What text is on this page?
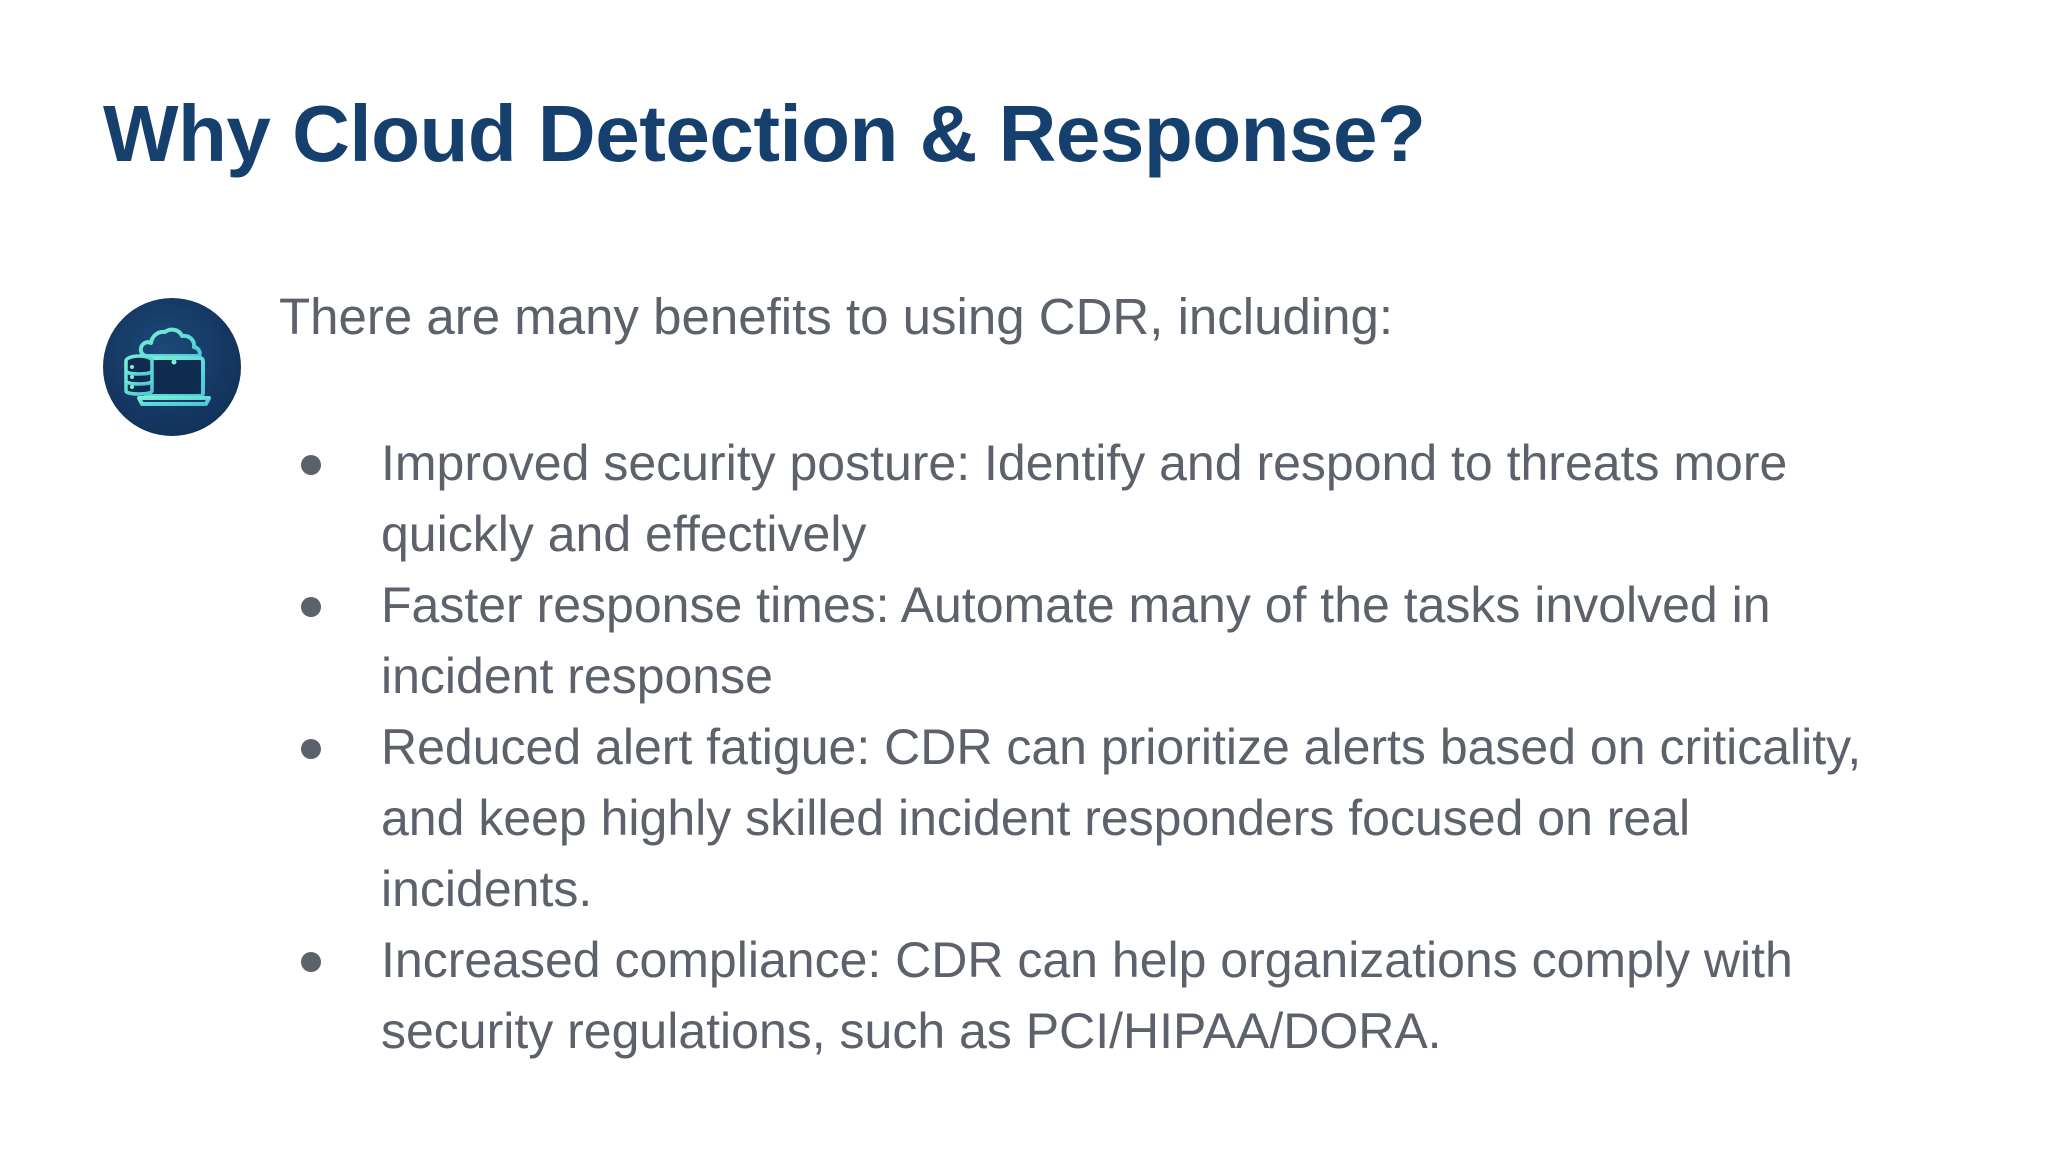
Why Cloud Detection & Response?

There are many benefits to using CDR, including:

Improved security posture: Identify and respond to threats more quickly and effectively
Faster response times: Automate many of the tasks involved in incident response
Reduced alert fatigue: CDR can prioritize alerts based on criticality, and keep highly skilled incident responders focused on real incidents.
Increased compliance: CDR can help organizations comply with security regulations, such as PCI/HIPAA/DORA.
